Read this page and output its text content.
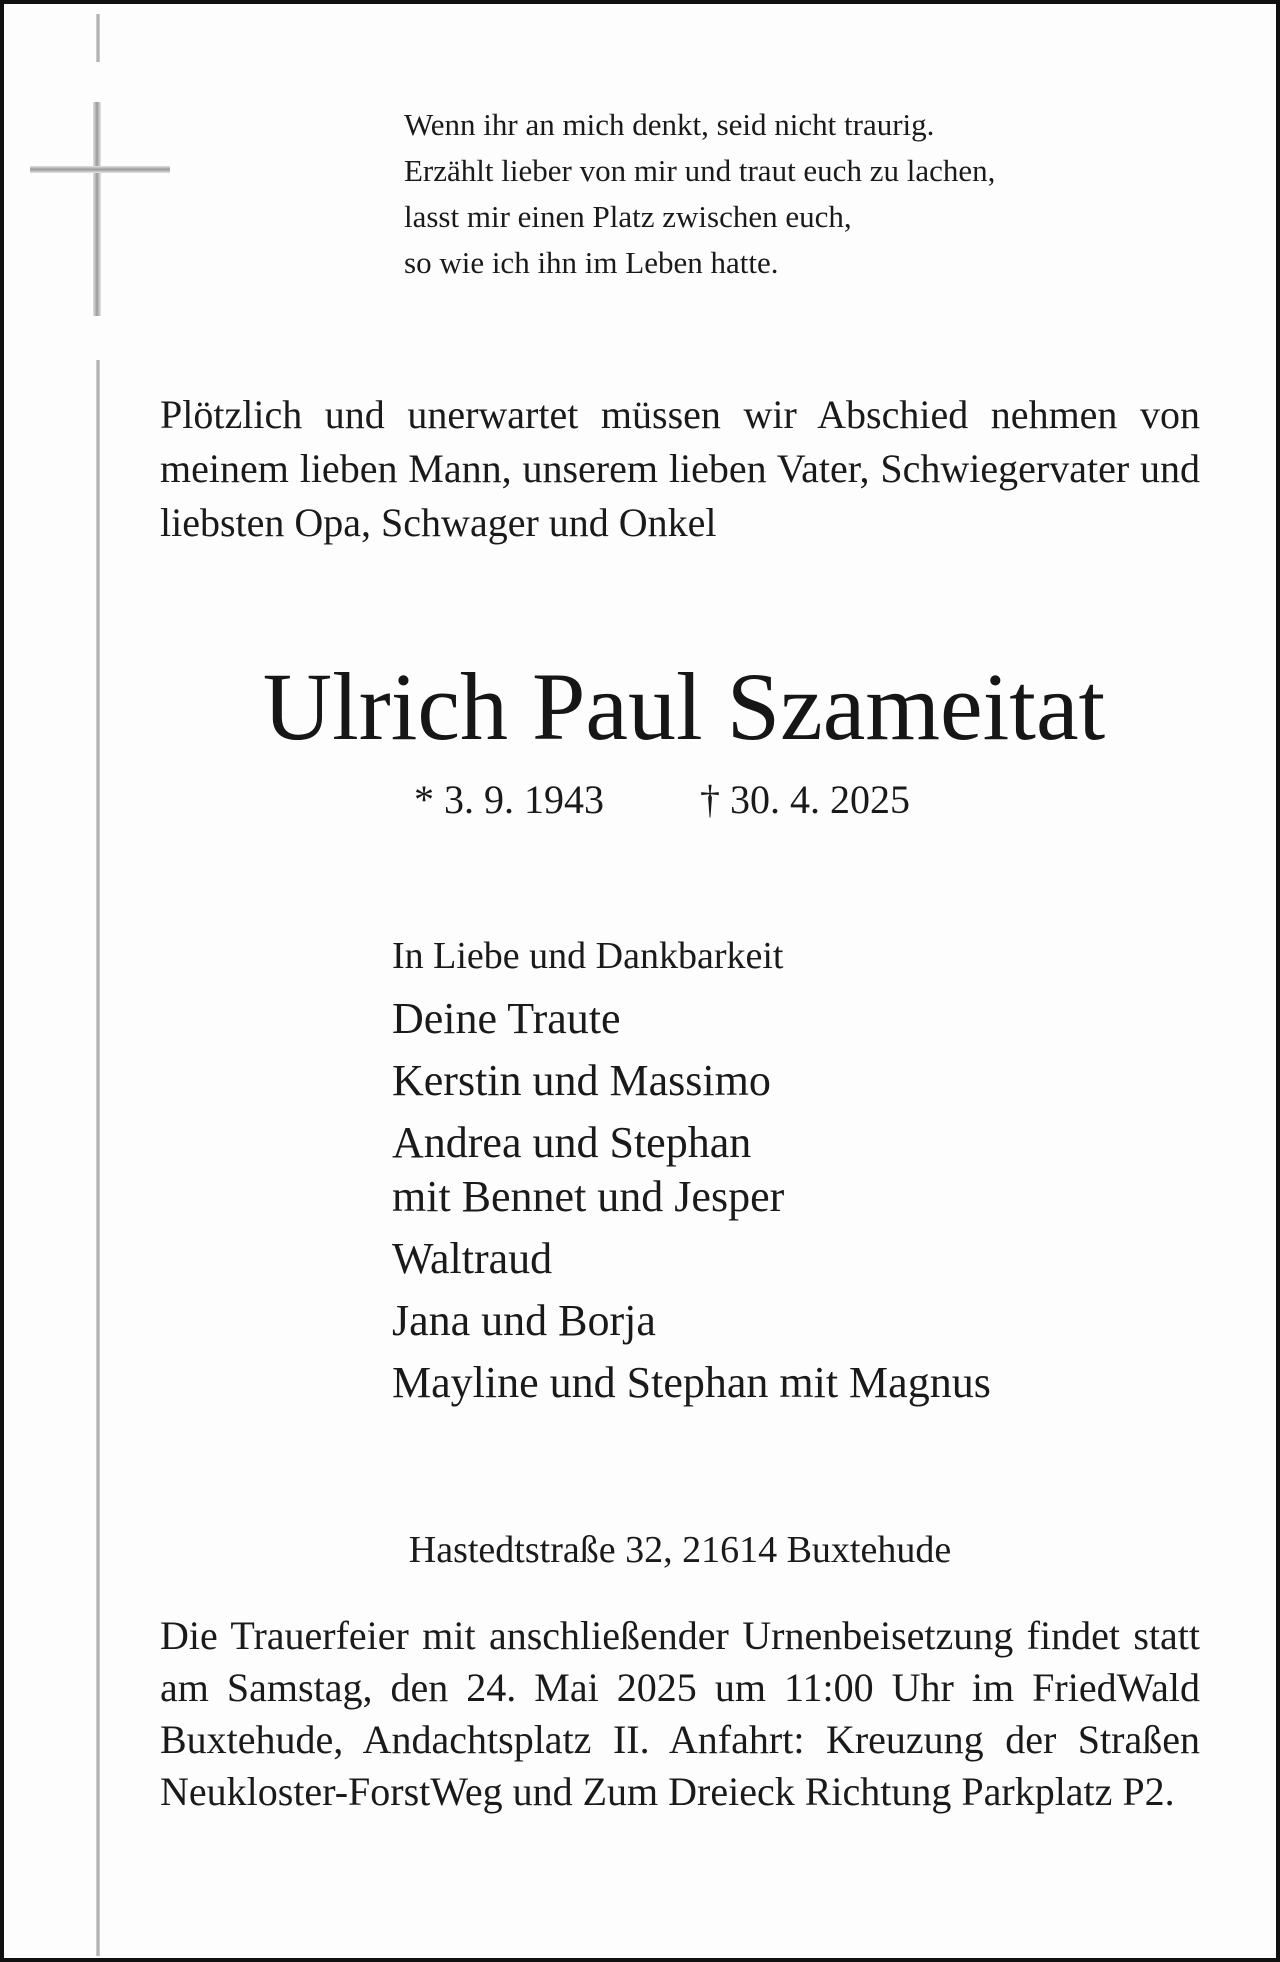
Wenn ihr an mich denkt, seid nicht traurig.
Erzählt lieber von mir und traut euch zu lachen,
lasst mir einen Platz zwischen euch,
so wie ich ihn im Leben hatte.

Plötzlich und unerwartet müssen wir Abschied nehmen von meinem lieben Mann, unserem lieben Vater, Schwiegervater und liebsten Opa, Schwager und Onkel

Ulrich Paul Szameitat
* 3. 9. 1943 † 30. 4. 2025
In Liebe und Dankbarkeit
Deine Traute
Kerstin und Massimo
Andrea und Stephan
mit Bennet und Jesper
Waltraud
Jana und Borja
Mayline und Stephan mit Magnus
Hastedtstraße 32, 21614 Buxtehude

Die Trauerfeier mit anschließender Urnenbeisetzung findet statt am Samstag, den 24. Mai 2025 um 11:00 Uhr im FriedWald Buxtehude, Andachtsplatz II. Anfahrt: Kreuzung der Straßen Neukloster-ForstWeg und Zum Dreieck Richtung Parkplatz P2.
